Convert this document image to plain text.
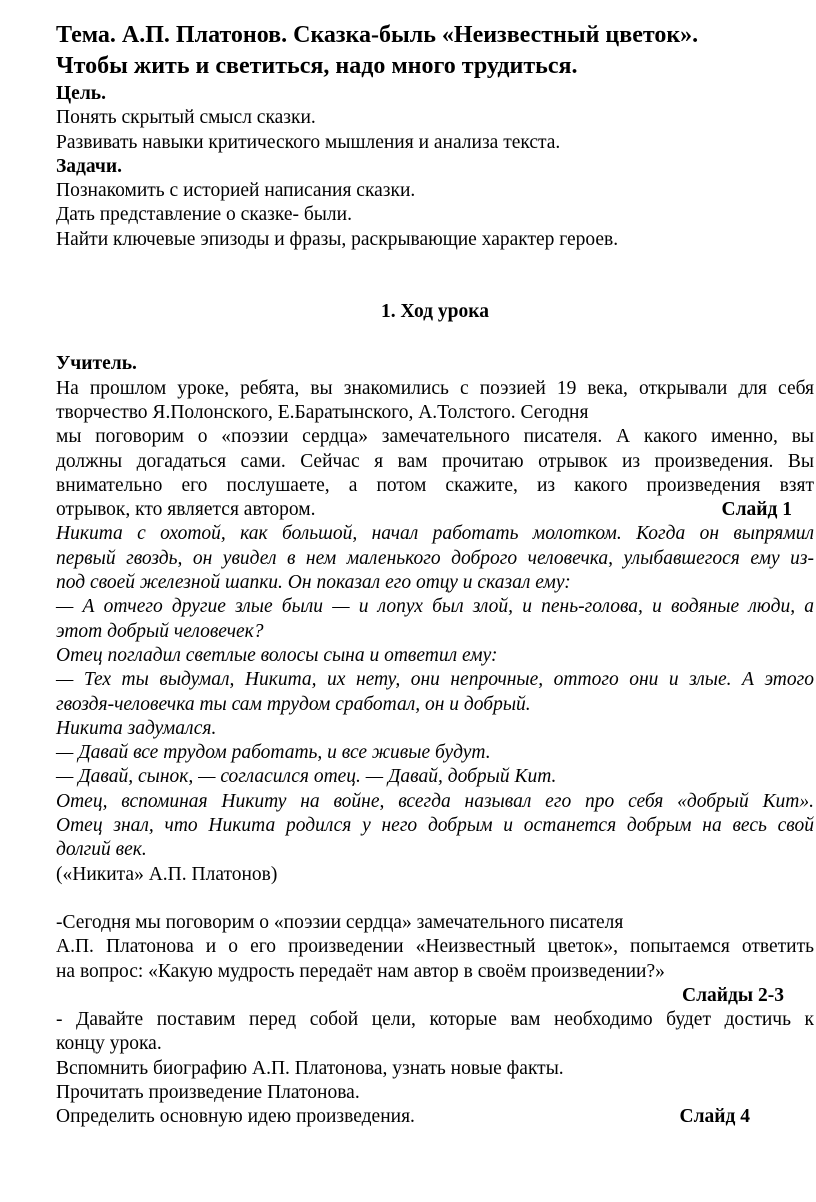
Тема. А.П. Платонов. Сказка-быль «Неизвестный цветок».
Чтобы жить и светиться, надо много трудиться.

Цель.

Понять скрытый смысл сказки.

Развивать навыки критического мышления и анализа текста.

Задачи.

Познакомить с историей написания сказки.

Дать представление о сказке- были.

Найти ключевые эпизоды и фразы, раскрывающие характер героев.

1. Ход урока

Учитель.

На прошлом уроке, ребята, вы знакомились с поэзией 19 века, открывали для себя

творчество Я.Полонского, Е.Баратынского, А.Толстого. Сегодня

мы поговорим о «поэзии сердца» замечательного писателя. А какого именно, вы

должны догадаться сами. Сейчас я вам прочитаю отрывок из произведения. Вы

внимательно его послушаете, а потом скажите, из какого произведения взят

отрывок, кто является автором.	Слайд 1

Никита с охотой, как большой, начал работать молотком. Когда он выпрямил

первый гвоздь, он увидел в нем маленького доброго человечка, улыбавшегося ему из-

под своей железной шапки. Он показал его отцу и сказал ему:

— А отчего другие злые были — и лопух был злой, и пень-голова, и водяные люди, а

этот добрый человечек?

Отец погладил светлые волосы сына и ответил ему:

— Тех ты выдумал, Никита, их нету, они непрочные, оттого они и злые. А этого

гвоздя-человечка ты сам трудом сработал, он и добрый.

Никита задумался.

— Давай все трудом работать, и все живые будут.

— Давай, сынок, — согласился отец. — Давай, добрый Кит.

Отец, вспоминая Никиту на войне, всегда называл его про себя «добрый Кит».

Отец знал, что Никита родился у него добрым и останется добрым на весь свой

долгий век.

(«Никита» А.П. Платонов)

-Сегодня мы поговорим о «поэзии сердца» замечательного писателя

А.П. Платонова и о его произведении «Неизвестный цветок», попытаемся ответить

на вопрос: «Какую мудрость передаёт нам автор в своём произведении?»

Слайды 2-3

- Давайте поставим перед собой цели, которые вам необходимо будет достичь к

концу урока.

Вспомнить биографию А.П. Платонова, узнать новые факты.

Прочитать произведение Платонова.

Определить основную идею произведения.	Слайд 4
